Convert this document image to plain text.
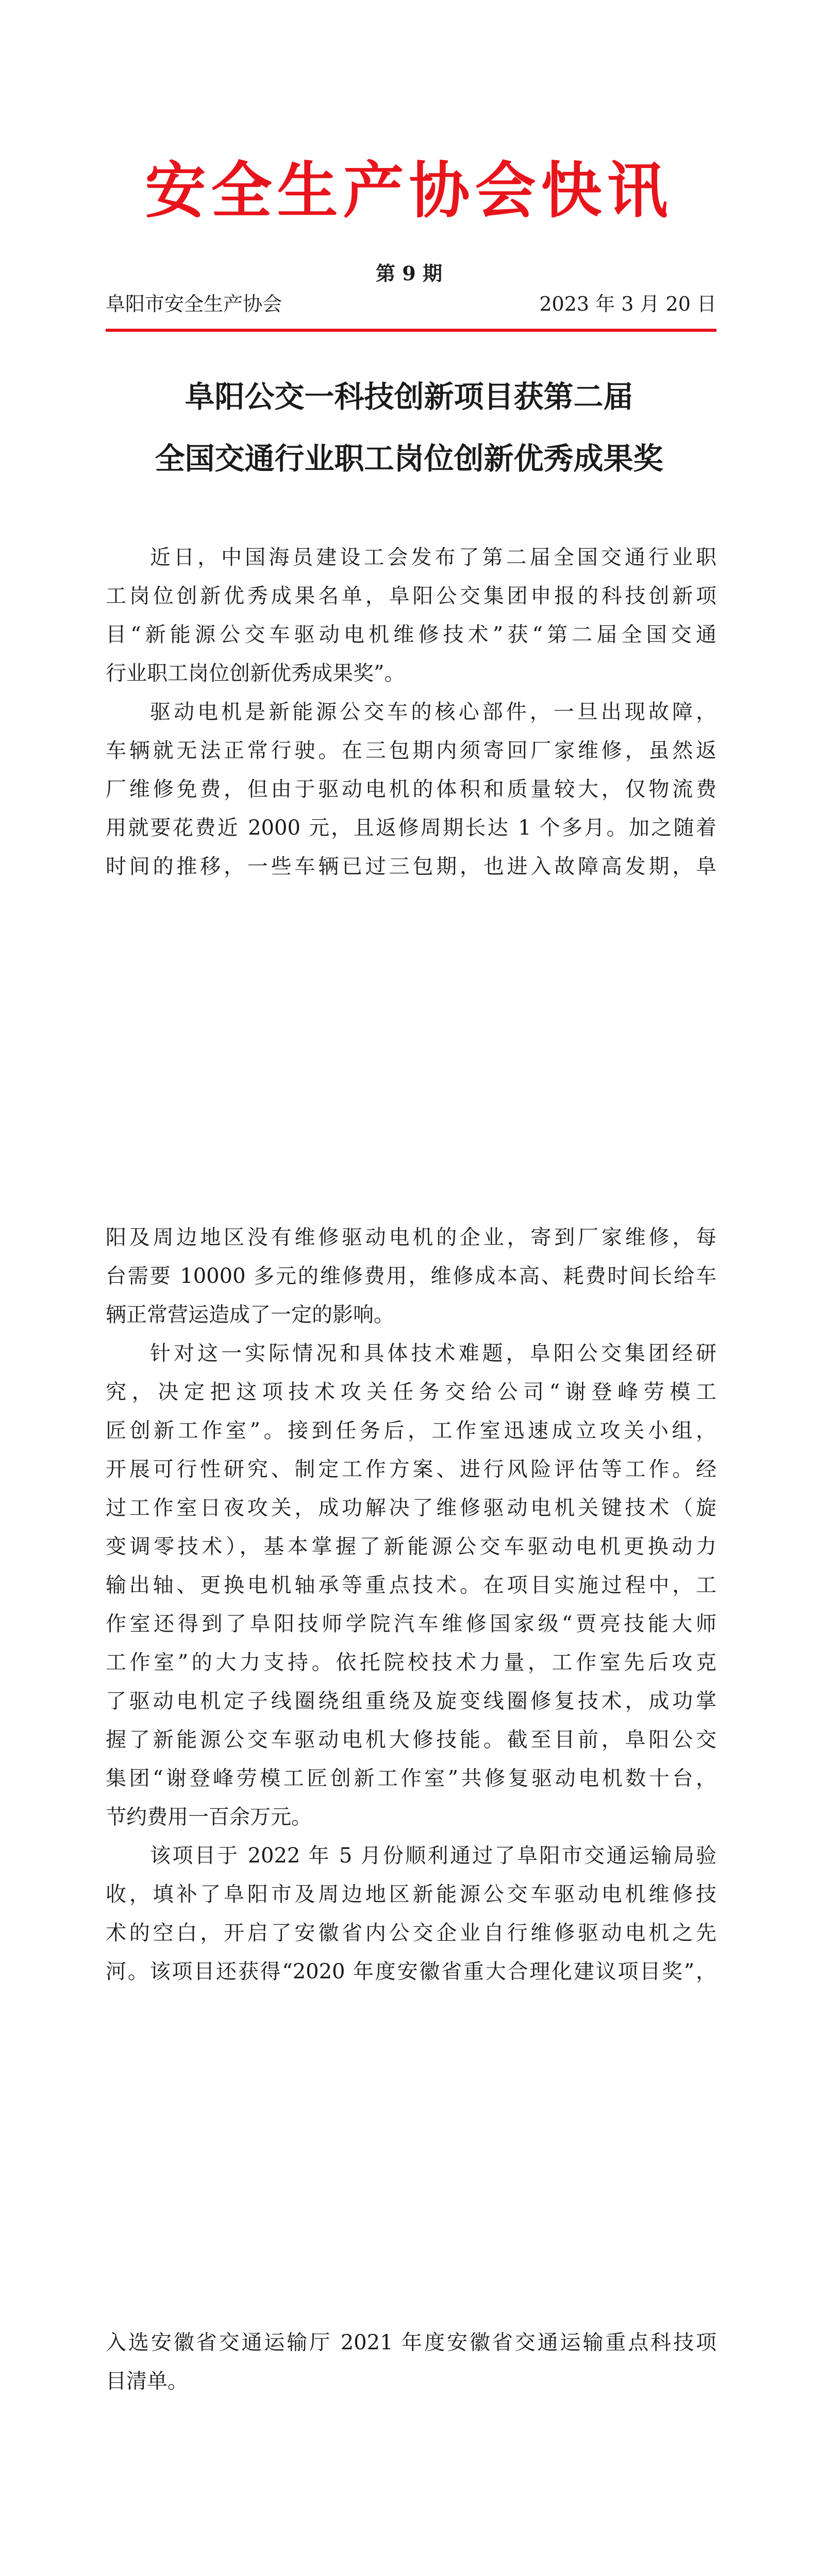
安全生产协会快讯
第 9 期
阜阳市安全生产协会	2023 年 3 月 20 日
阜阳公交一科技创新项目获第二届
全国交通行业职工岗位创新优秀成果奖
近日，中国海员建设工会发布了第二届全国交通行业职
工岗位创新优秀成果名单，阜阳公交集团申报的科技创新项
目“新能源公交车驱动电机维修技术”获“第二届全国交通
行业职工岗位创新优秀成果奖”。
驱动电机是新能源公交车的核心部件，一旦出现故障，
车辆就无法正常行驶。在三包期内须寄回厂家维修，虽然返
厂维修免费，但由于驱动电机的体积和质量较大，仅物流费
用就要花费近 2000 元，且返修周期长达 1 个多月。加之随着
时间的推移，一些车辆已过三包期，也进入故障高发期，阜
阳及周边地区没有维修驱动电机的企业，寄到厂家维修，每
台需要 10000 多元的维修费用，维修成本高、耗费时间长给车
辆正常营运造成了一定的影响。
针对这一实际情况和具体技术难题，阜阳公交集团经研
究，决定把这项技术攻关任务交给公司“谢登峰劳模工
匠创新工作室”。接到任务后，工作室迅速成立攻关小组，
开展可行性研究、制定工作方案、进行风险评估等工作。经
过工作室日夜攻关，成功解决了维修驱动电机关键技术（旋
变调零技术），基本掌握了新能源公交车驱动电机更换动力
输出轴、更换电机轴承等重点技术。在项目实施过程中，工
作室还得到了阜阳技师学院汽车维修国家级“贾亮技能大师
工作室”的大力支持。依托院校技术力量，工作室先后攻克
了驱动电机定子线圈绕组重绕及旋变线圈修复技术，成功掌
握了新能源公交车驱动电机大修技能。截至目前，阜阳公交
集团“谢登峰劳模工匠创新工作室”共修复驱动电机数十台，
节约费用一百余万元。
该项目于 2022 年 5 月份顺利通过了阜阳市交通运输局验
收，填补了阜阳市及周边地区新能源公交车驱动电机维修技
术的空白，开启了安徽省内公交企业自行维修驱动电机之先
河。该项目还获得“2020 年度安徽省重大合理化建议项目奖”，
入选安徽省交通运输厅 2021 年度安徽省交通运输重点科技项
目清单。
